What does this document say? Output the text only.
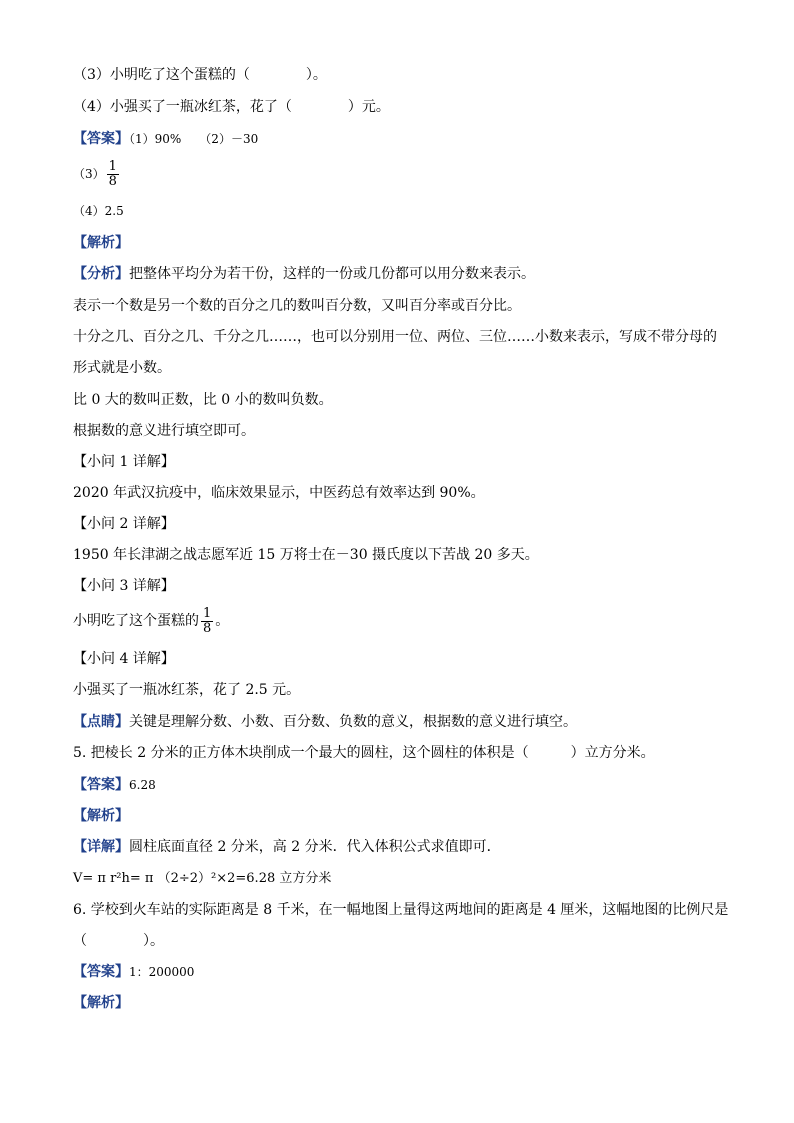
（3）小明吃了这个蛋糕的（　　　　）。
（4）小强买了一瓶冰红茶，花了（　　　　）元。
【答案】（1）90%　　（2）－30
$(3) \frac{1}{8}$
（4）2.5
【解析】
【分析】把整体平均分为若干份，这样的一份或几份都可以用分数来表示。
表示一个数是另一个数的百分之几的数叫百分数，又叫百分率或百分比。
十分之几、百分之几、千分之几……，也可以分别用一位、两位、三位……小数来表示，写成不带分母的
形式就是小数。
比 0 大的数叫正数，比 0 小的数叫负数。
根据数的意义进行填空即可。
【小问 1 详解】
2020 年武汉抗疫中，临床效果显示，中医药总有效率达到 90%。
【小问 2 详解】
1950 年长津湖之战志愿军近 15 万将士在－30 摄氏度以下苦战 20 多天。
【小问 3 详解】
小明吃了这个蛋糕的 $\frac{1}{8}$ 。
【小问 4 详解】
小强买了一瓶冰红茶，花了 2.5 元。
【点睛】关键是理解分数、小数、百分数、负数的意义，根据数的意义进行填空。
5. 把棱长 2 分米的正方体木块削成一个最大的圆柱，这个圆柱的体积是（　　　）立方分米。
【答案】6.28
【解析】
【详解】圆柱底面直径 2 分米，高 2 分米．代入体积公式求值即可．
V= π r²h= π （2÷2）²×2=6.28 立方分米
6. 学校到火车站的实际距离是 8 千米，在一幅地图上量得这两地间的距离是 4 厘米，这幅地图的比例尺是
（　　　　）。
【答案】1：200000
【解析】
